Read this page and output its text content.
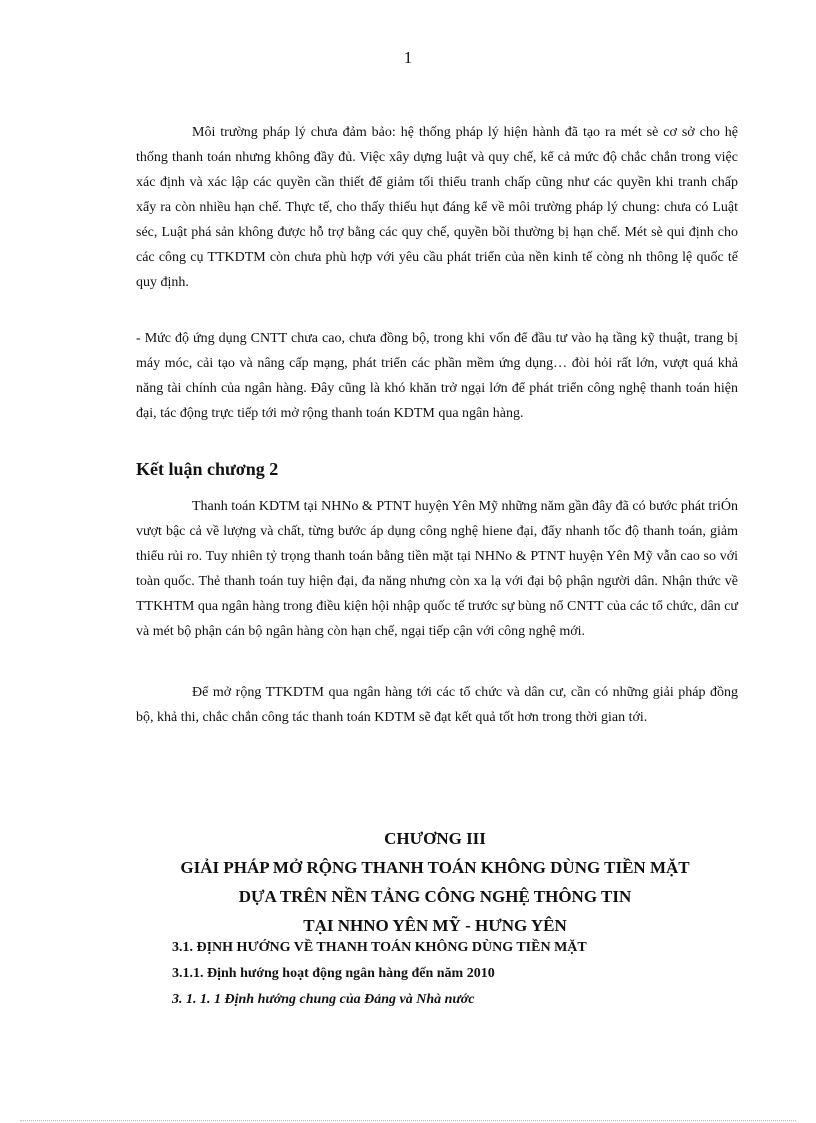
1

Môi trường pháp lý chưa đảm bảo: hệ thống pháp lý hiện hành đã tạo ra mét sè cơ sở cho hệ thống thanh toán nhưng không đầy đủ. Việc xây dựng luật và quy chế, kể cả mức độ chắc chắn trong việc xác định và xác lập các quyền cần thiết để giảm tối thiểu tranh chấp cũng như các quyền khi tranh chấp xẩy ra còn nhiều hạn chế. Thực tế, cho thấy thiếu hụt đáng kể về môi trường pháp lý chung: chưa có Luật séc, Luật phá sản không được hỗ trợ bằng các quy chế, quyền bồi thường bị hạn chế. Mét sè qui định cho các công cụ TTKDTM còn chưa phù hợp với yêu cầu phát triển của nền kinh tế còng nh thông lệ quốc tế quy định.

- Mức độ ứng dụng CNTT chưa cao, chưa đồng bộ, trong khi vốn để đầu tư vào hạ tầng kỹ thuật, trang bị máy móc, cải tạo và nâng cấp mạng, phát triển các phần mềm ứng dụng… đòi hỏi rất lớn, vượt quá khả năng tài chính của ngân hàng. Đây cũng là khó khăn trở ngại lớn để phát triển công nghệ thanh toán hiện đại, tác động trực tiếp tới mở rộng thanh toán KDTM qua ngân hàng.

Kết luận chương 2

Thanh toán KDTM tại NHNo & PTNT huyện Yên Mỹ những năm gần đây đã có bước phát triÓn vượt bậc cả về lượng và chất, từng bước áp dụng công nghệ hiene đại, đẩy nhanh tốc độ thanh toán, giảm thiểu rủi ro. Tuy nhiên tỷ trọng thanh toán bằng tiền mặt tại NHNo & PTNT huyện Yên Mỹ vẫn cao so với toàn quốc. Thẻ thanh toán tuy hiện đại, đa năng nhưng còn xa lạ với đại bộ phận người dân. Nhận thức về TTKHTM qua ngân hàng trong điều kiện hội nhập quốc tế trước sự bùng nổ CNTT của các tổ chức, dân cư và mét bộ phận cán bộ ngân hàng còn hạn chế, ngại tiếp cận với công nghệ mới.

Để mở rộng TTKDTM qua ngân hàng tới các tổ chức và dân cư, cần có những giải pháp đồng bộ, khả thi, chắc chắn công tác thanh toán KDTM sẽ đạt kết quả tốt hơn trong thời gian tới.

CHƯƠNG III
GIẢI PHÁP MỞ RỘNG THANH TOÁN KHÔNG DÙNG TIỀN MẶT
DỰA TRÊN NỀN TẢNG CÔNG NGHỆ THÔNG TIN
TẠI NHNO YÊN MỸ - HƯNG YÊN
3.1. ĐỊNH HƯỚNG VỀ THANH TOÁN KHÔNG DÙNG TIỀN MẶT
3.1.1. Định hướng hoạt động ngân hàng đến năm 2010
3. 1. 1. 1 Định hướng chung của Đảng và Nhà nước
